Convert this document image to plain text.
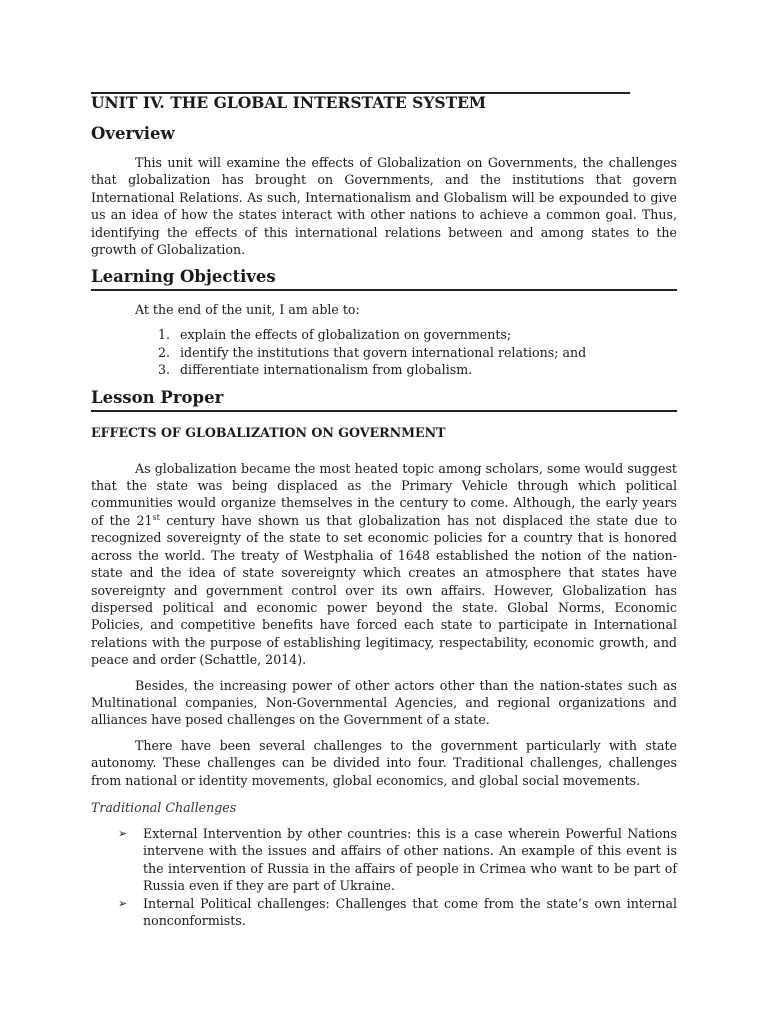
UNIT IV. THE GLOBAL INTERSTATE SYSTEM
Overview

This unit will examine the effects of Globalization on Governments, the challenges that globalization has brought on Governments, and the institutions that govern International Relations. As such, Internationalism and Globalism will be expounded to give us an idea of how the states interact with other nations to achieve a common goal. Thus, identifying the effects of this international relations between and among states to the growth of Globalization.

Learning Objectives

At the end of the unit, I am able to:

1. explain the effects of globalization on governments;
2. identify the institutions that govern international relations; and
3. differentiate internationalism from globalism.
Lesson Proper

EFFECTS OF GLOBALIZATION ON GOVERNMENT

As globalization became the most heated topic among scholars, some would suggest that the state was being displaced as the Primary Vehicle through which political communities would organize themselves in the century to come. Although, the early years of the 21st century have shown us that globalization has not displaced the state due to recognized sovereignty of the state to set economic policies for a country that is honored across the world. The treaty of Westphalia of 1648 established the notion of the nation-state and the idea of state sovereignty which creates an atmosphere that states have sovereignty and government control over its own affairs. However, Globalization has dispersed political and economic power beyond the state. Global Norms, Economic Policies, and competitive benefits have forced each state to participate in International relations with the purpose of establishing legitimacy, respectability, economic growth, and peace and order (Schattle, 2014).

Besides, the increasing power of other actors other than the nation-states such as Multinational companies, Non-Governmental Agencies, and regional organizations and alliances have posed challenges on the Government of a state.

There have been several challenges to the government particularly with state autonomy. These challenges can be divided into four. Traditional challenges, challenges from national or identity movements, global economics, and global social movements.

Traditional Challenges

➢ External Intervention by other countries: this is a case wherein Powerful Nations intervene with the issues and affairs of other nations. An example of this event is the intervention of Russia in the affairs of people in Crimea who want to be part of Russia even if they are part of Ukraine.
➢ Internal Political challenges: Challenges that come from the state’s own internal nonconformists.
